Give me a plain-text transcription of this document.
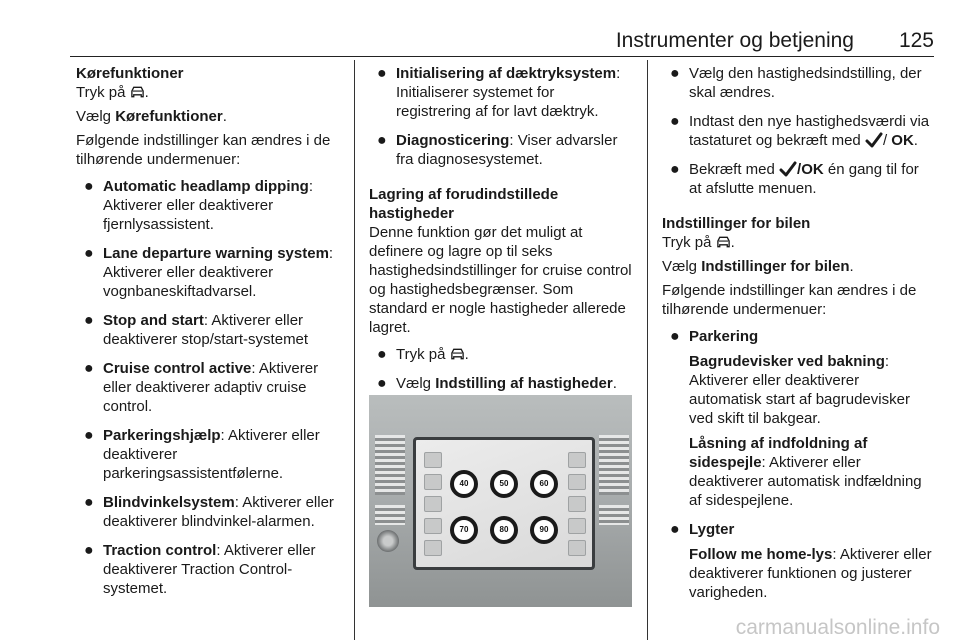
Instrumenter og betjening 125

Kørefunktioner

Tryk på .

Vælg Kørefunktioner.

Følgende indstillinger kan ændres i de tilhørende undermenuer:

● Automatic headlamp dipping: Aktiverer eller deaktiverer fjernlysassistent.
● Lane departure warning system: Aktiverer eller deaktiverer vognbaneskiftadvarsel.
● Stop and start: Aktiverer eller deaktiverer stop/start-systemet
● Cruise control active: Aktiverer eller deaktiverer adaptiv cruise control.
● Parkeringshjælp: Aktiverer eller deaktiverer parkeringsassistentfølerne.
● Blindvinkelsystem: Aktiverer eller deaktiverer blindvinkel-alarmen.
● Traction control: Aktiverer eller deaktiverer Traction Control-systemet.
● Initialisering af dæktryksystem: Initialiserer systemet for registrering af for lavt dæktryk.
● Diagnosticering: Viser advarsler fra diagnosesystemet.

Lagring af forudindstillede hastigheder

Denne funktion gør det muligt at definere og lagre op til seks hastighedsindstillinger for cruise control og hastighedsbegrænser. Som standard er nogle hastigheder allerede lagret.

● Tryk på .
● Vælg Indstilling af hastigheder.
40	50	60
70	80	90
● Vælg den hastighedsindstilling, der skal ændres.
● Indtast den nye hastighedsværdi via tastaturet og bekræft med / OK.
● Bekræft med /OK én gang til for at afslutte menuen.

Indstillinger for bilen

Tryk på .

Vælg Indstillinger for bilen.

Følgende indstillinger kan ændres i de tilhørende undermenuer:

● Parkering
Bagrudevisker ved bakning: Aktiverer eller deaktiverer automatisk start af bagrudevisker ved skift til bakgear.
Låsning af indfoldning af sidespejle: Aktiverer eller deaktiverer automatisk indfældning af sidespejlene.
● Lygter
Follow me home-lys: Aktiverer eller deaktiverer funktionen og justerer varigheden.
carmanualsonline.info
